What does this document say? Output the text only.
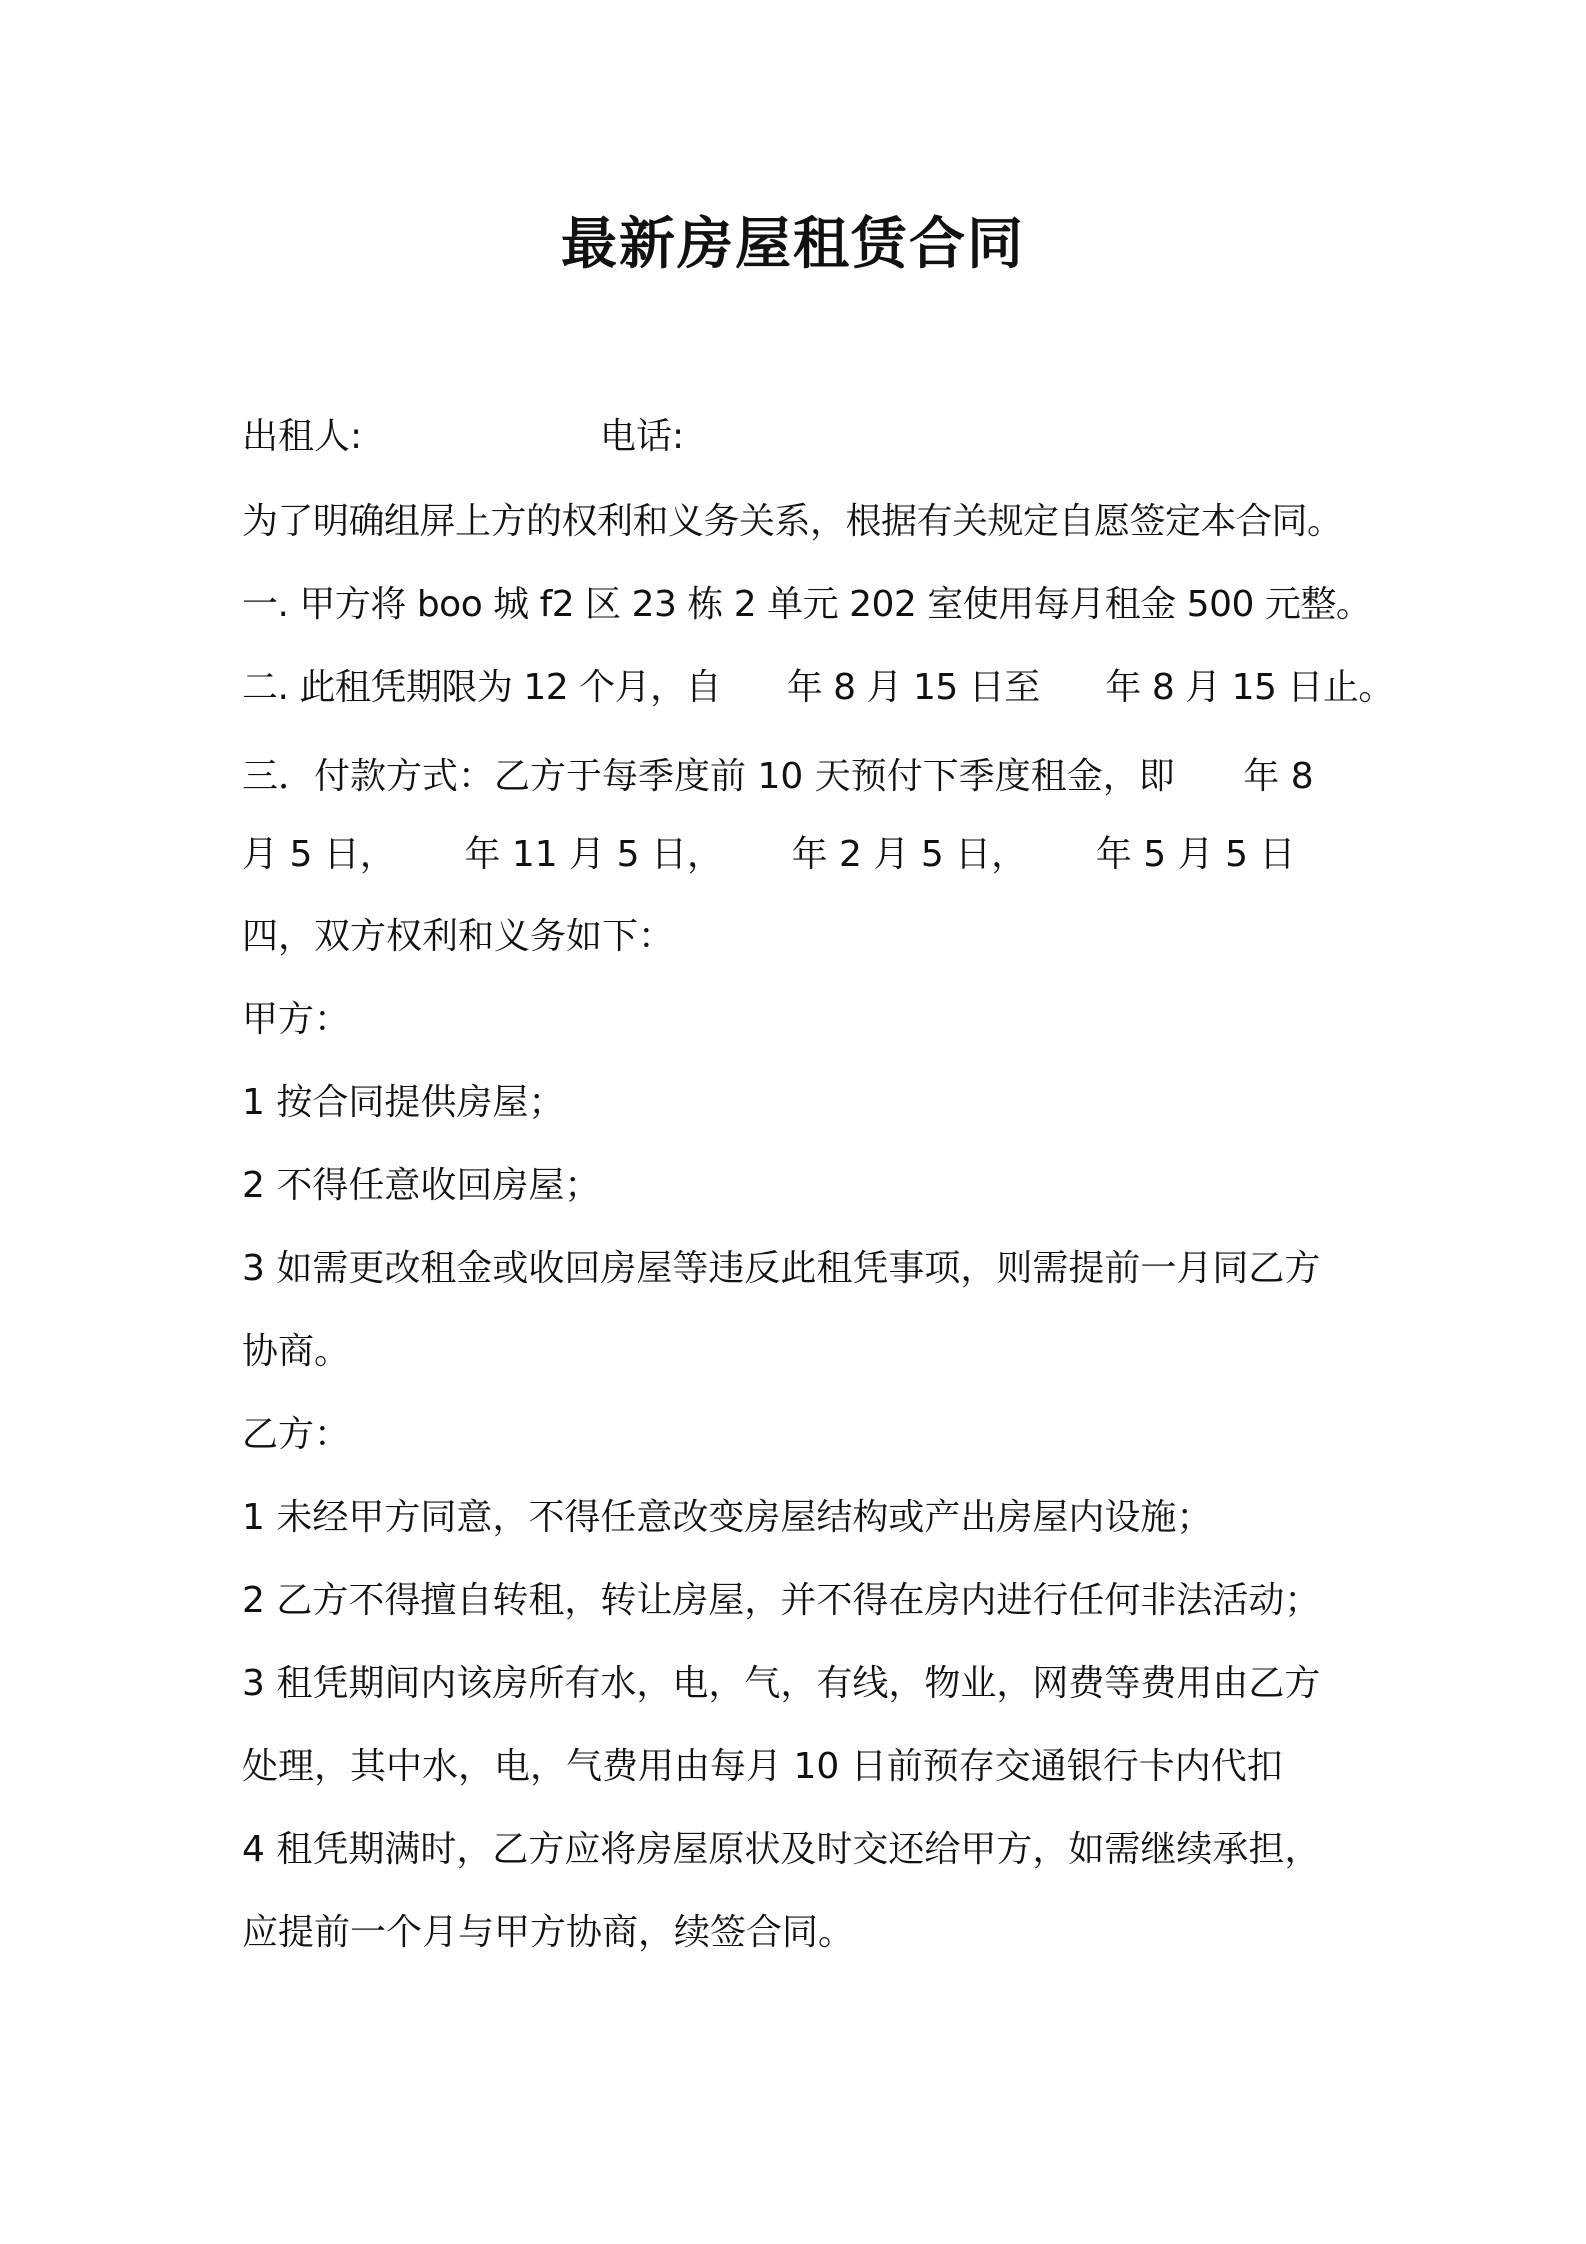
最新房屋租赁合同
出租人:	电话:
为了明确组屏上方的权利和义务关系，根据有关规定自愿签定本合同。
一. 甲方将 boo 城 f2 区 23 栋 2 单元 202 室使用每月租金 500 元整。
二. 此租凭期限为 12 个月，自      年 8 月 15 日至      年 8 月 15 日止。
三．付款方式：乙方于每季度前 10 天预付下季度租金，即      年 8
月 5 日，      年 11 月 5 日，      年 2 月 5 日，      年 5 月 5 日
四，双方权利和义务如下：
甲方：
1 按合同提供房屋；
2 不得任意收回房屋；
3 如需更改租金或收回房屋等违反此租凭事项，则需提前一月同乙方
协商。
乙方：
1 未经甲方同意，不得任意改变房屋结构或产出房屋内设施；
2 乙方不得擅自转租，转让房屋，并不得在房内进行任何非法活动；
3 租凭期间内该房所有水，电，气，有线，物业，网费等费用由乙方
处理，其中水，电，气费用由每月 10 日前预存交通银行卡内代扣
4 租凭期满时，乙方应将房屋原状及时交还给甲方，如需继续承担，
应提前一个月与甲方协商，续签合同。
